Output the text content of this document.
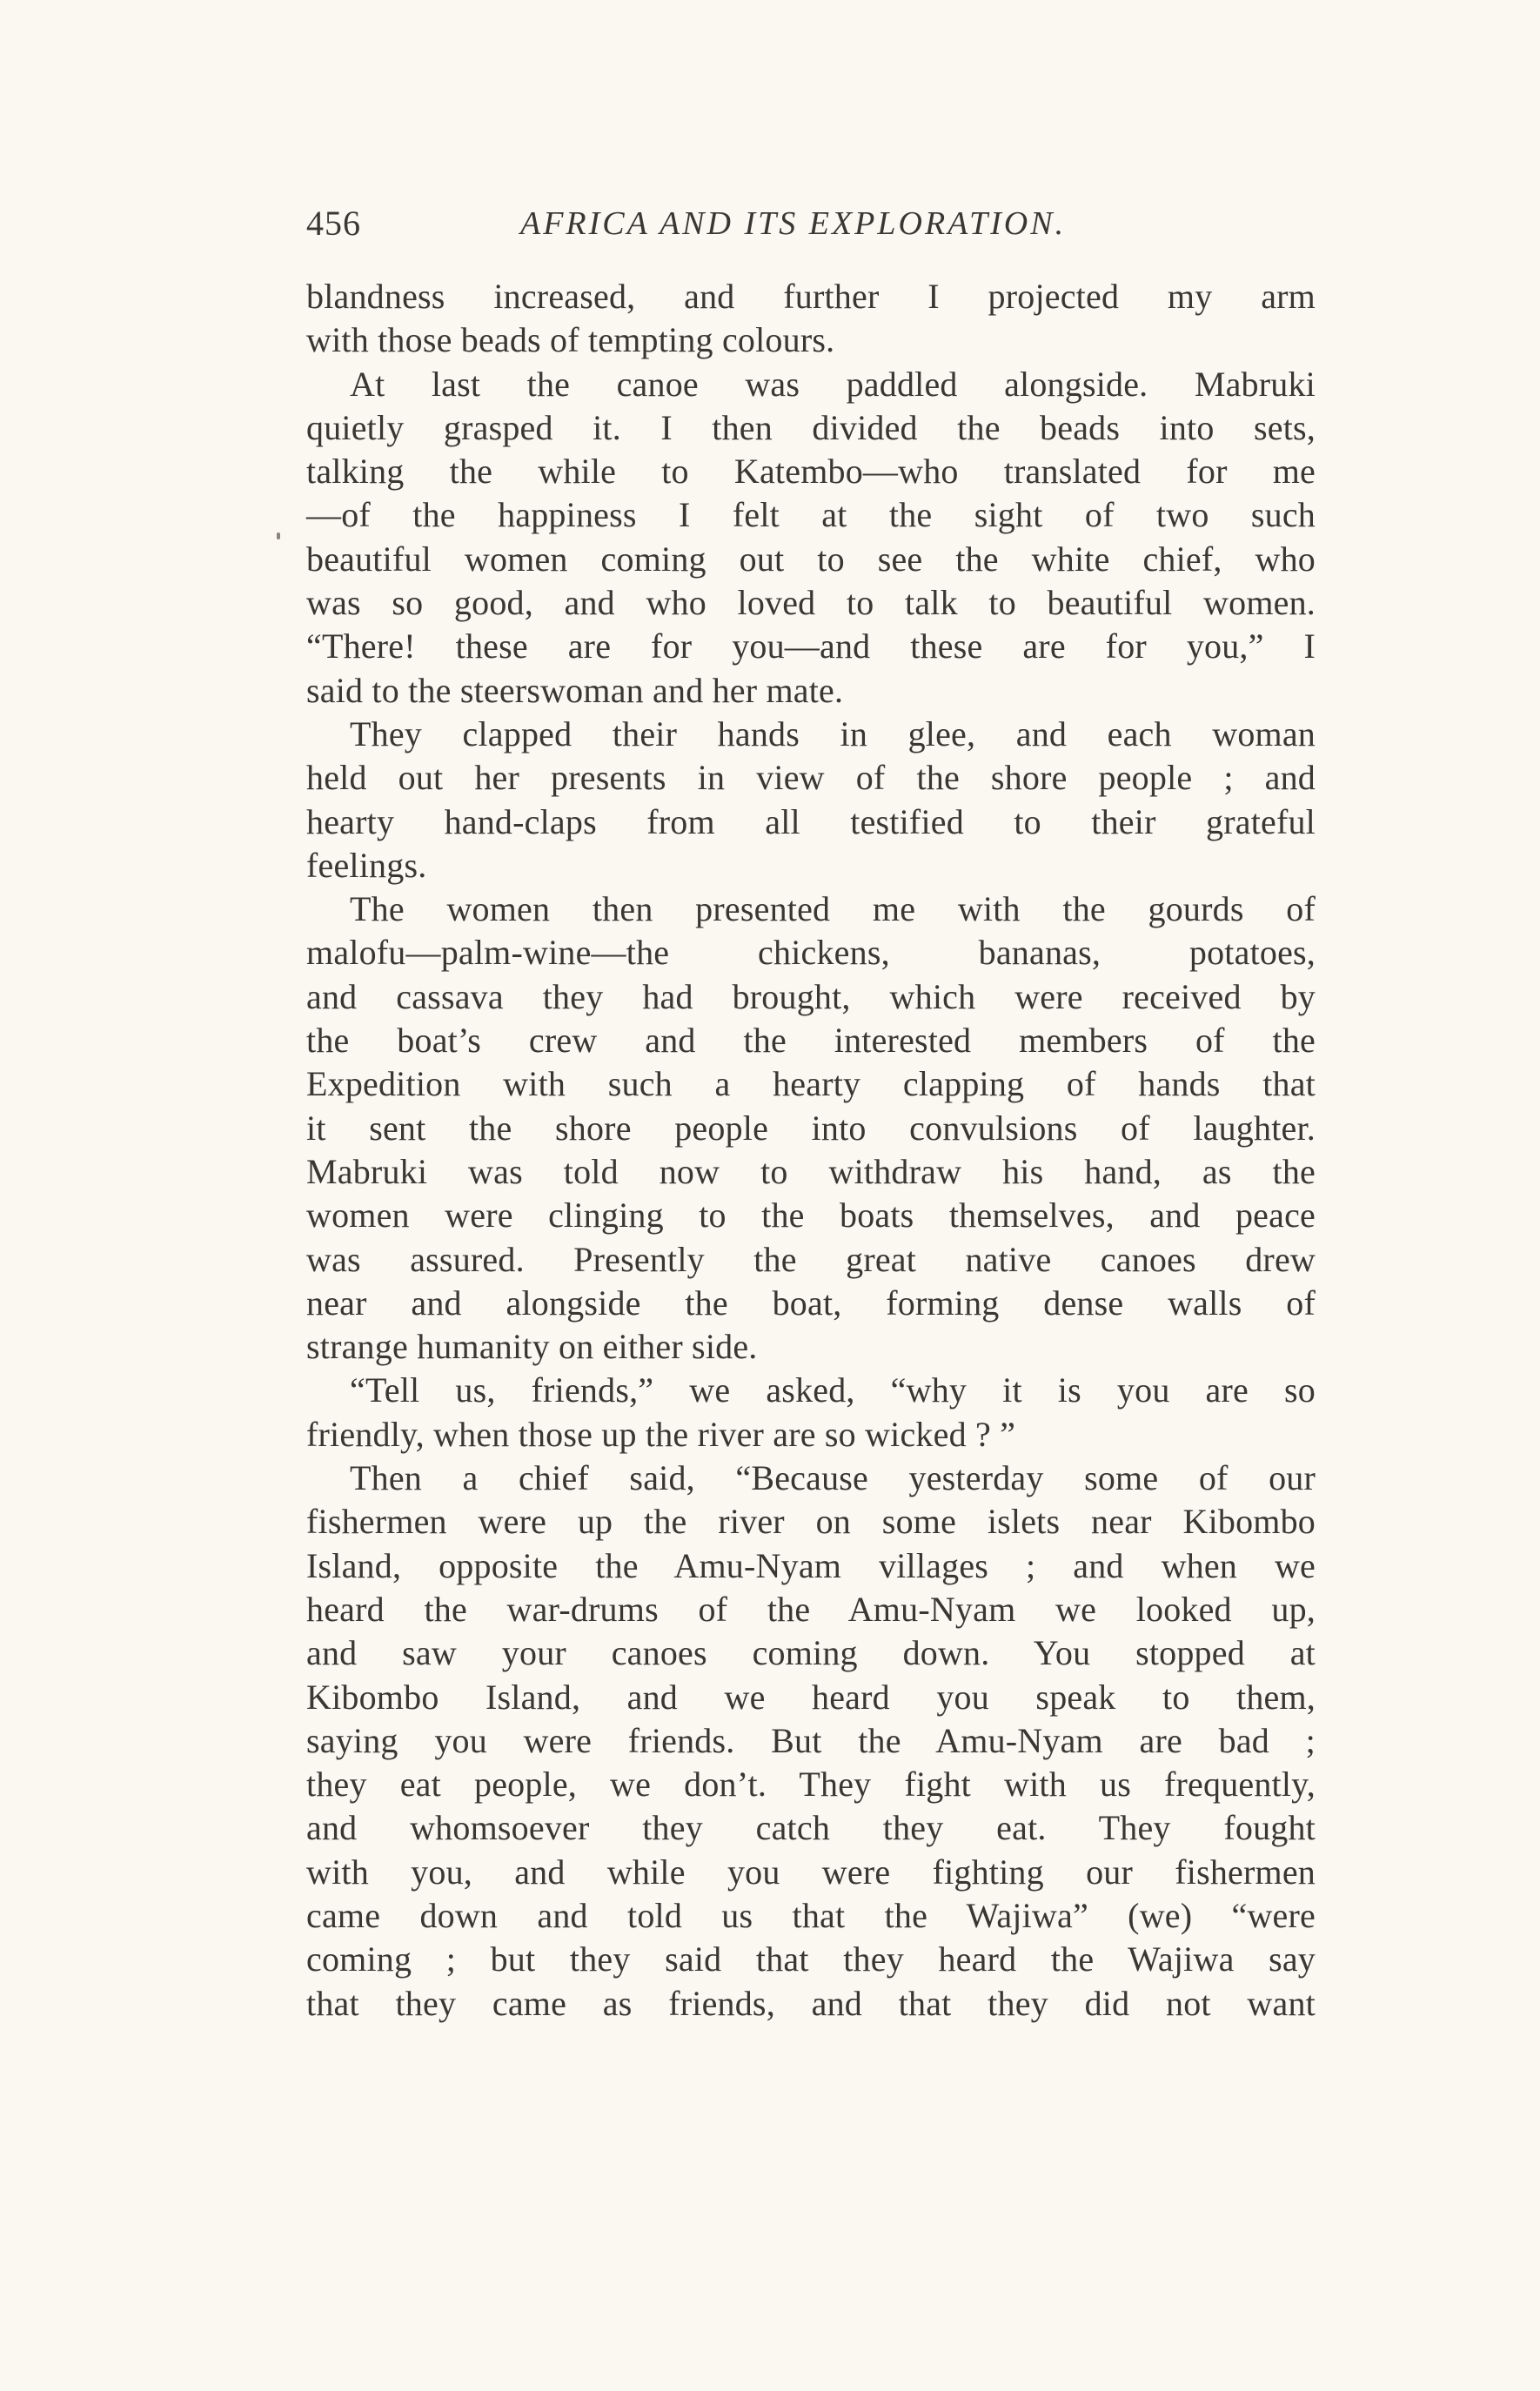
456	AFRICA AND ITS EXPLORATION.
blandness increased, and further I projected my arm
with those beads of tempting colours.
At last the canoe was paddled alongside. Mabruki
quietly grasped it. I then divided the beads into sets,
talking the while to Katembo—who translated for me
—of the happiness I felt at the sight of two such
beautiful women coming out to see the white chief, who
was so good, and who loved to talk to beautiful women.
“There! these are for you—and these are for you,” I
said to the steerswoman and her mate.
They clapped their hands in glee, and each woman
held out her presents in view of the shore people ; and
hearty hand-claps from all testified to their grateful
feelings.
The women then presented me with the gourds of
malofu—palm-wine—the chickens, bananas, potatoes,
and cassava they had brought, which were received by
the boat’s crew and the interested members of the
Expedition with such a hearty clapping of hands that
it sent the shore people into convulsions of laughter.
Mabruki was told now to withdraw his hand, as the
women were clinging to the boats themselves, and peace
was assured. Presently the great native canoes drew
near and alongside the boat, forming dense walls of
strange humanity on either side.
“Tell us, friends,” we asked, “why it is you are so
friendly, when those up the river are so wicked ? ”
Then a chief said, “Because yesterday some of our
fishermen were up the river on some islets near Kibombo
Island, opposite the Amu-Nyam villages ; and when we
heard the war-drums of the Amu-Nyam we looked up,
and saw your canoes coming down. You stopped at
Kibombo Island, and we heard you speak to them,
saying you were friends. But the Amu-Nyam are bad ;
they eat people, we don’t. They fight with us frequently,
and whomsoever they catch they eat. They fought
with you, and while you were fighting our fishermen
came down and told us that the Wajiwa” (we) “were
coming ; but they said that they heard the Wajiwa say
that they came as friends, and that they did not want
